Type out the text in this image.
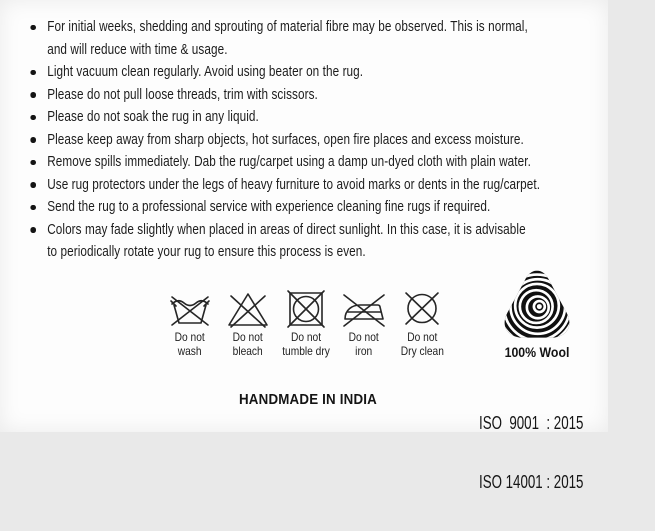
For initial weeks, shedding and sprouting of material fibre may be observed. This is normal,
and will reduce with time & usage.
Light vacuum clean regularly. Avoid using beater on the rug.
Please do not pull loose threads, trim with scissors.
Please do not soak the rug in any liquid.
Please keep away from sharp objects, hot surfaces, open fire places and excess moisture.
Remove spills immediately. Dab the rug/carpet using a damp un-dyed cloth with plain water.
Use rug protectors under the legs of heavy furniture to avoid marks or dents in the rug/carpet.
Send the rug to a professional service with experience cleaning fine rugs if required.
Colors may fade slightly when placed in areas of direct sunlight. In this case, it is advisable
to periodically rotate your rug to ensure this process is even.
Do not
wash
Do not
bleach
Do not
tumble dry
Do not
iron
Do not
Dry clean	100% Wool

ISO  9001  : 2015

ISO 14001 : 2015

HANDMADE IN INDIA
